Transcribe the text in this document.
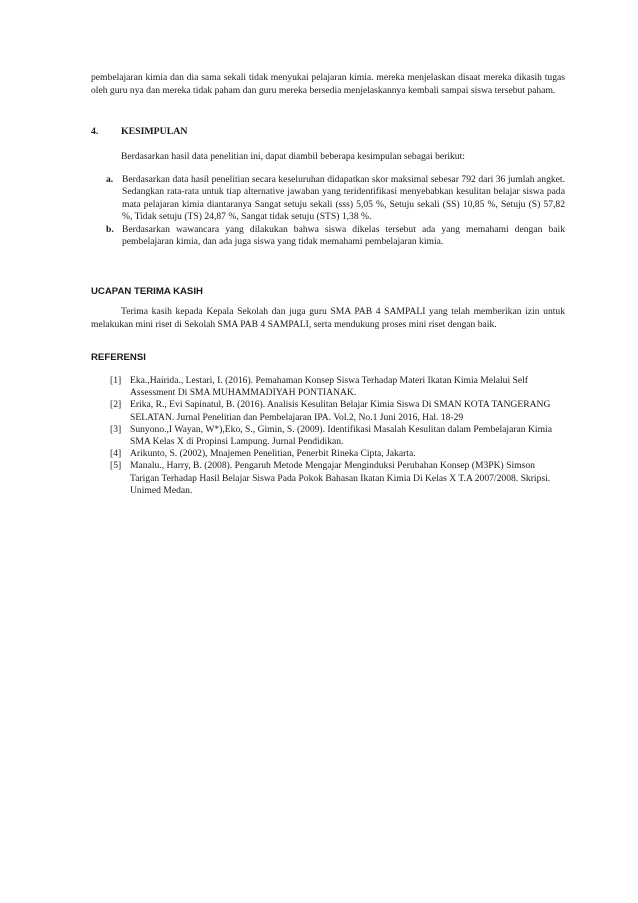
pembelajaran kimia dan dia sama sekali tidak menyukai pelajaran kimia. mereka menjelaskan disaat mereka dikasih tugas oleh guru nya dan mereka tidak paham dan guru mereka bersedia menjelaskannya kembali sampai siswa tersebut paham.

4. KESIMPULAN

Berdasarkan hasil data penelitian ini, dapat diambil beberapa kesimpulan sebagai berikut:

a. Berdasarkan data hasil penelitian secara keseluruhan didapatkan skor maksimal sebesar 792 dari 36 jumlah angket. Sedangkan rata-rata untuk tiap alternative jawaban yang teridentifikasi menyebabkan kesulitan belajar siswa pada mata pelajaran kimia diantaranya Sangat setuju sekali (sss) 5,05 %, Setuju sekali (SS) 10,85 %, Setuju (S) 57,82 %, Tidak setuju (TS) 24,87 %, Sangat tidak setuju (STS) 1,38 %.
b. Berdasarkan wawancara yang dilakukan bahwa siswa dikelas tersebut ada yang memahami dengan baik pembelajaran kimia, dan ada juga siswa yang tidak memahami pembelajaran kimia.
UCAPAN TERIMA KASIH

Terima kasih kepada Kepala Sekolah dan juga guru SMA PAB 4 SAMPALI yang telah memberikan izin untuk melakukan mini riset di Sekolah SMA PAB 4 SAMPALI, serta mendukung proses mini riset dengan baik.

REFERENSI
[1] Eka.,Hairida., Lestari, I. (2016). Pemahaman Konsep Siswa Terhadap Materi Ikatan Kimia Melalui Self Assessment Di SMA MUHAMMADIYAH PONTIANAK.
[2] Erika, R., Evi Sapinatul, B. (2016). Analisis Kesulitan Belajar Kimia Siswa Di SMAN KOTA TANGERANG SELATAN. Jurnal Penelitian dan Pembelajaran IPA. Vol.2, No.1 Juni 2016, Hal. 18-29
[3] Sunyono.,I Wayan, W*),Eko, S., Gimin, S. (2009). Identifikasi Masalah Kesulitan dalam Pembelajaran Kimia SMA Kelas X di Propinsi Lampung. Jurnal Pendidikan.
[4] Arikunto, S. (2002), Mnajemen Penelitian, Penerbit Rineka Cipta, Jakarta.
[5] Manalu., Harry, B. (2008). Pengaruh Metode Mengajar Menginduksi Perubahan Konsep (M3PK) Simson Tarigan Terhadap Hasil Belajar Siswa Pada Pokok Bahasan Ikatan Kimia Di Kelas X T.A 2007/2008. Skripsi. Unimed Medan.
